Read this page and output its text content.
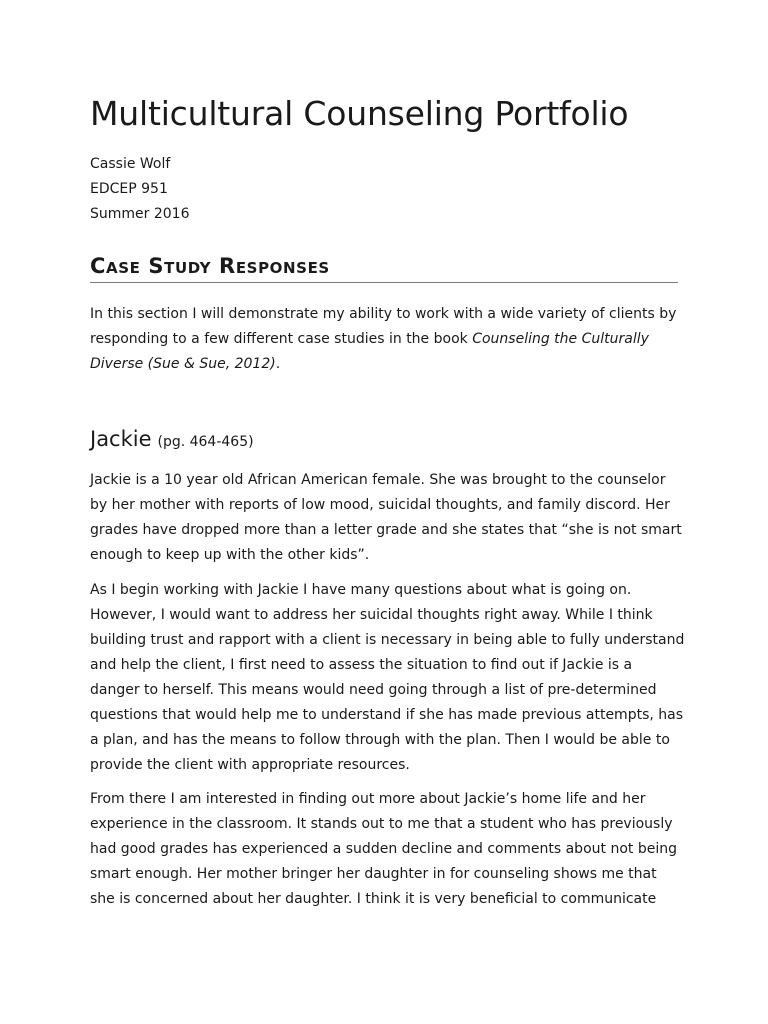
Multicultural Counseling Portfolio
Cassie Wolf
EDCEP 951
Summer 2016
Case Study Responses

In this section I will demonstrate my ability to work with a wide variety of clients by
responding to a few different case studies in the book Counseling the Culturally
Diverse (Sue & Sue, 2012).

Jackie (pg. 464-465)

Jackie is a 10 year old African American female. She was brought to the counselor
by her mother with reports of low mood, suicidal thoughts, and family discord. Her
grades have dropped more than a letter grade and she states that “she is not smart
enough to keep up with the other kids”.

As I begin working with Jackie I have many questions about what is going on.
However, I would want to address her suicidal thoughts right away. While I think
building trust and rapport with a client is necessary in being able to fully understand
and help the client, I first need to assess the situation to find out if Jackie is a
danger to herself. This means would need going through a list of pre-determined
questions that would help me to understand if she has made previous attempts, has
a plan, and has the means to follow through with the plan. Then I would be able to
provide the client with appropriate resources.

From there I am interested in finding out more about Jackie’s home life and her
experience in the classroom. It stands out to me that a student who has previously
had good grades has experienced a sudden decline and comments about not being
smart enough. Her mother bringer her daughter in for counseling shows me that
she is concerned about her daughter. I think it is very beneficial to communicate
